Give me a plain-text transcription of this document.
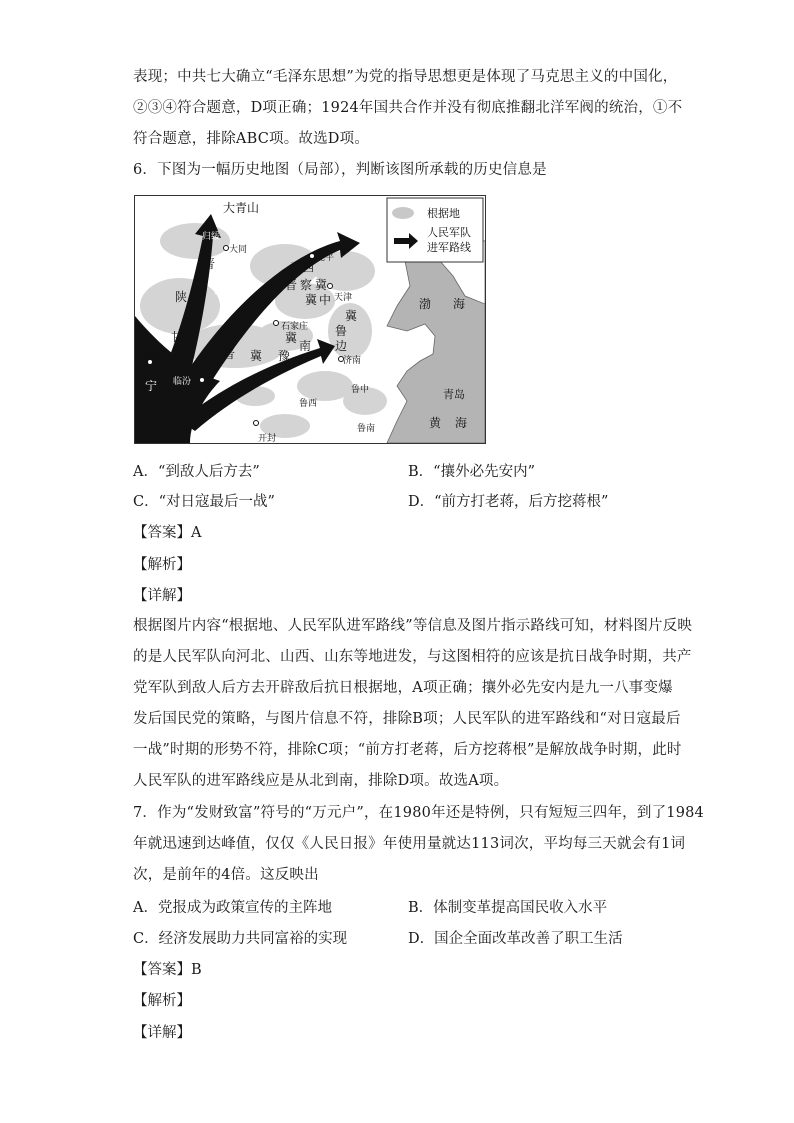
表现；中共七大确立“毛泽东思想”为党的指导思想更是体现了马克思主义的中国化，
②③④符合题意，D项正确；1924年国共合作并没有彻底推翻北洋军阀的统治，①不
符合题意，排除ABC项。故选D项。
6．下图为一幅历史地图（局部），判断该图所承载的历史信息是
根据地
人民军队
进军路线
大青山
归绥
大同
晋
绥
陕
甘
宁
延安
临汾
北平
平 西
晋 察 冀
冀 中 天津	渤 海
石家庄
冀
鲁
边
冀
南
济南
晋 冀 豫
鲁中
鲁西
鲁南
开封
青岛
黄 海
A．“到敌人后方去”	B．“攘外必先安内”
C．“对日寇最后一战”	D．“前方打老蒋，后方挖蒋根”
【答案】A
【解析】
【详解】
根据图片内容“根据地、人民军队进军路线”等信息及图片指示路线可知，材料图片反映
的是人民军队向河北、山西、山东等地进发，与这图相符的应该是抗日战争时期，共产
党军队到敌人后方去开辟敌后抗日根据地，A项正确；攘外必先安内是九一八事变爆
发后国民党的策略，与图片信息不符，排除B项；人民军队的进军路线和“对日寇最后
一战”时期的形势不符，排除C项；“前方打老蒋，后方挖蒋根”是解放战争时期，此时
人民军队的进军路线应是从北到南，排除D项。故选A项。
7．作为“发财致富”符号的“万元户”，在1980年还是特例，只有短短三四年，到了1984
年就迅速到达峰值，仅仅《人民日报》年使用量就达113词次，平均每三天就会有1词
次，是前年的4倍。这反映出
A．党报成为政策宣传的主阵地	B．体制变革提高国民收入水平
C．经济发展助力共同富裕的实现	D．国企全面改革改善了职工生活
【答案】B
【解析】
【详解】
